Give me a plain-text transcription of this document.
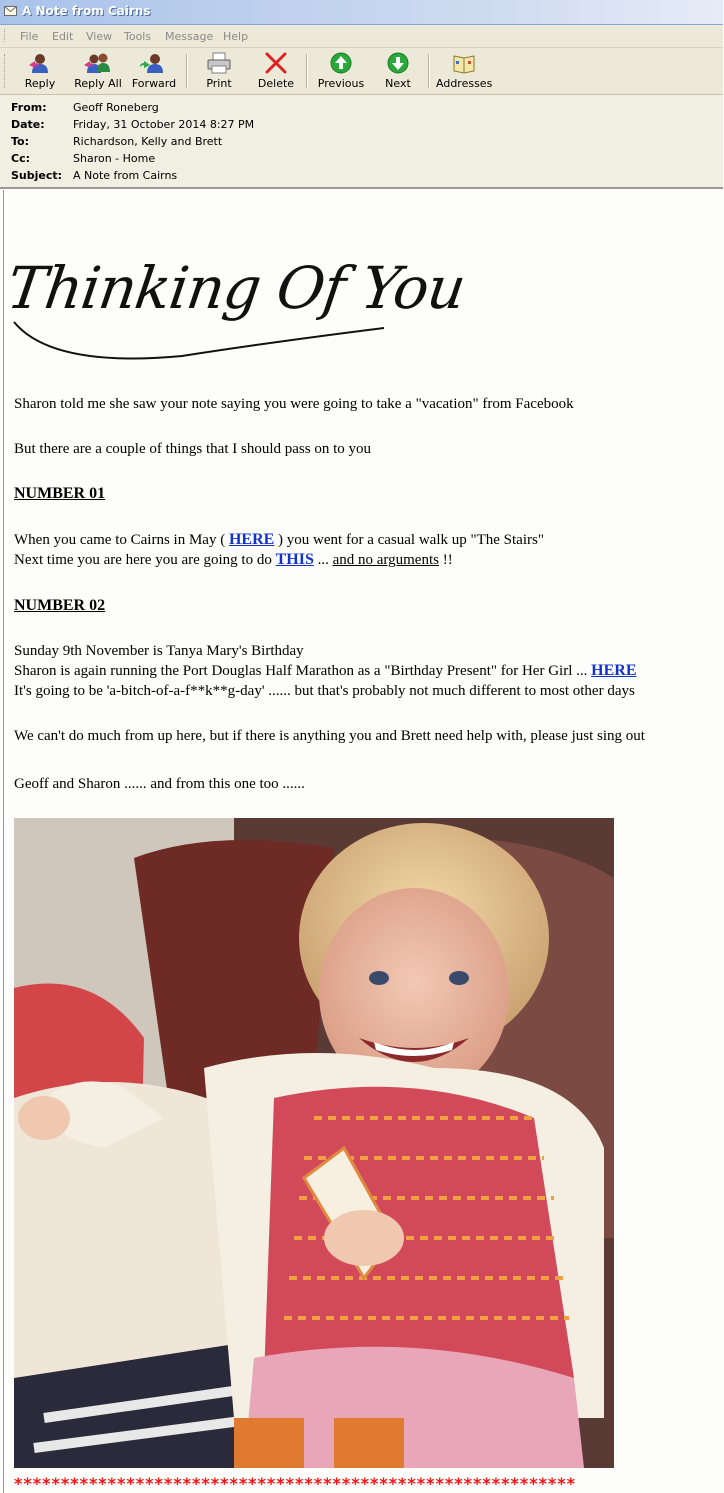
A Note from Cairns
File Edit View Tools Message Help
Reply	Reply All Forward	Print	Delete	Previous	Next	Addresses
From: Geoff Roneberg
Date:	Friday, 31 October 2014 8:27 PM
To:	Richardson, Kelly and Brett
Cc:	Sharon - Home
Subject: A Note from Cairns
Thinking Of You
Sharon told me she saw your note saying you were going to take a "vacation" from Facebook
But there are a couple of things that I should pass on to you
NUMBER 01
When you came to Cairns in May ( HERE ) you went for a casual walk up "The Stairs"
Next time you are here you are going to do THIS ... and no arguments !!
NUMBER 02
Sunday 9th November is Tanya Mary's Birthday
Sharon is again running the Port Douglas Half Marathon as a "Birthday Present" for Her Girl ... HERE
It's going to be 'a-bitch-of-a-f**k**g-day' ...... but that's probably not much different to most other days
We can't do much from up here, but if there is anything you and Brett need help with, please just sing out
Geoff and Sharon ...... and from this one too ......
************************************************************
